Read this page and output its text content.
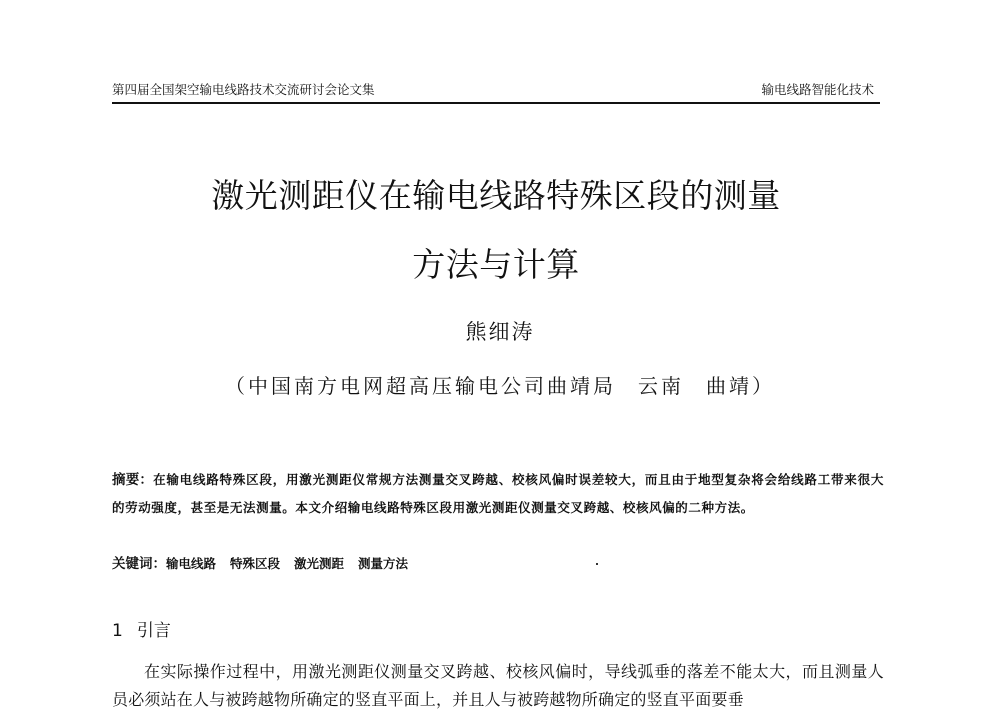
第四届全国架空输电线路技术交流研讨会论文集	输电线路智能化技术
激光测距仪在输电线路特殊区段的测量
方法与计算
熊细涛
（中国南方电网超高压输电公司曲靖局 云南 曲靖）
摘要：在输电线路特殊区段，用激光测距仪常规方法测量交叉跨越、校核风偏时误差较大，而且由于地型复杂将会给线路工带来很大的劳动强度，甚至是无法测量。本文介绍输电线路特殊区段用激光测距仪测量交叉跨越、校核风偏的二种方法。
关键词：输电线路 特殊区段 激光测距 测量方法
1 引言
在实际操作过程中，用激光测距仪测量交叉跨越、校核风偏时，导线弧垂的落差不能太大，而且测量人员必须站在人与被跨越物所确定的竖直平面上，并且人与被跨越物所确定的竖直平面要垂
